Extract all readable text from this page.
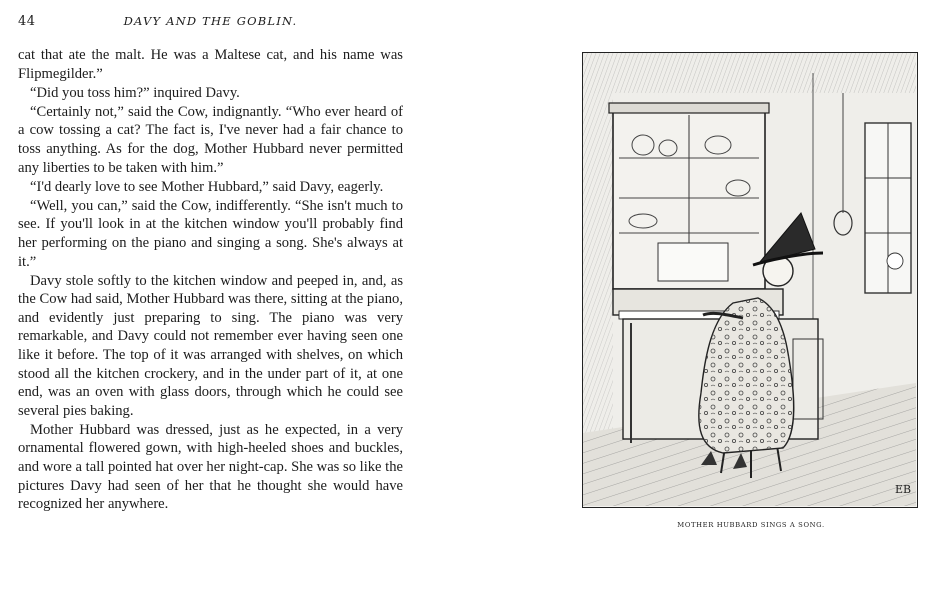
44	DAVY AND THE GOBLIN.

cat that ate the malt. He was a Maltese cat, and his name was Flipmegilder.”

“Did you toss him?” inquired Davy.

“Certainly not,” said the Cow, indignantly. “Who ever heard of a cow tossing a cat? The fact is, I've never had a fair chance to toss anything. As for the dog, Mother Hubbard never permitted any liberties to be taken with him.”

“I'd dearly love to see Mother Hubbard,” said Davy, eagerly.

“Well, you can,” said the Cow, indifferently. “She isn't much to see. If you'll look in at the kitchen window you'll probably find her performing on the piano and singing a song. She's always at it.”

Davy stole softly to the kitchen window and peeped in, and, as the Cow had said, Mother Hubbard was there, sitting at the piano, and evidently just preparing to sing. The piano was very remarkable, and Davy could not remember ever having seen one like it before. The top of it was arranged with shelves, on which stood all the kitchen crockery, and in the under part of it, at one end, was an oven with glass doors, through which he could see several pies baking.

Mother Hubbard was dressed, just as he expected, in a very ornamental flowered gown, with high-heeled shoes and buckles, and wore a tall pointed hat over her night-cap. She was so like the pictures Davy had seen of her that he thought she would have recognized her anywhere.

EB
MOTHER HUBBARD SINGS A SONG.
